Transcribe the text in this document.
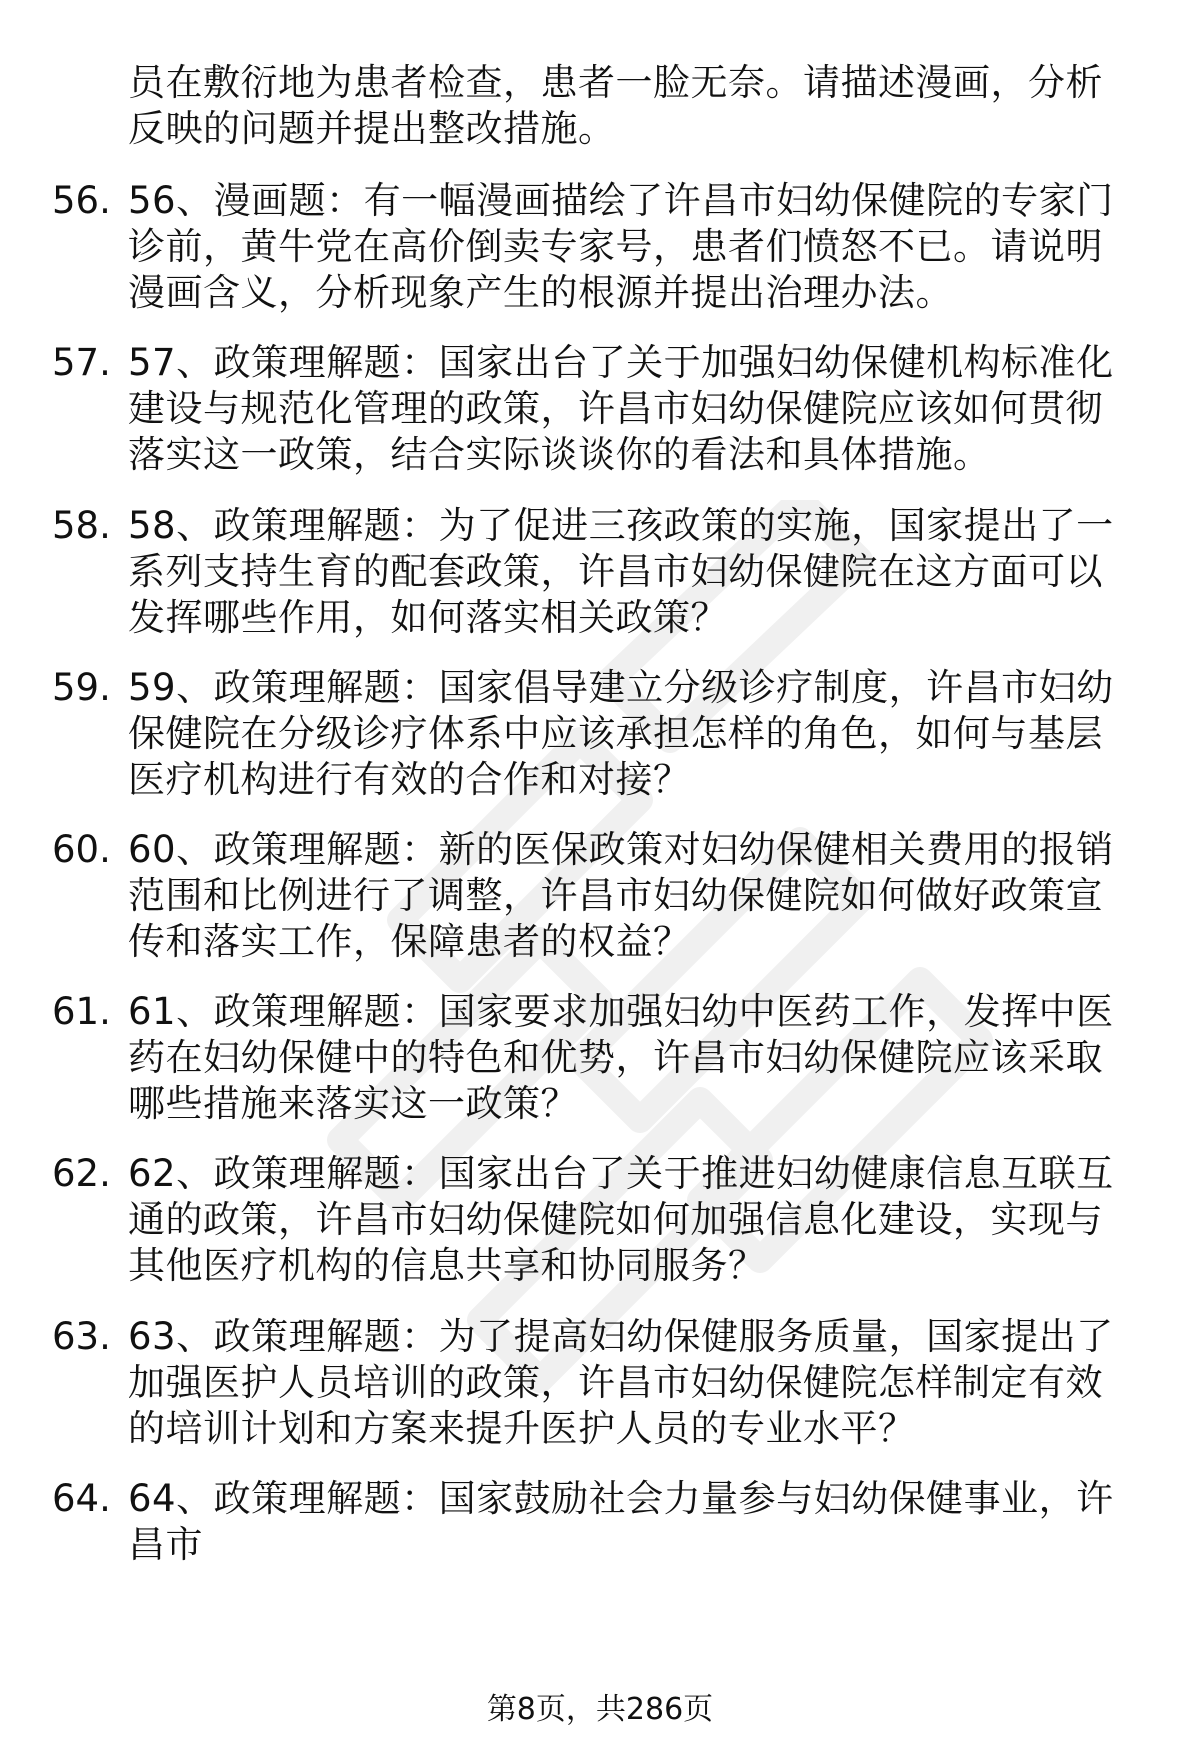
员在敷衍地为患者检查，患者一脸无奈。请描述漫画，分析反映的问题并提出整改措施。
56. 56、漫画题：有一幅漫画描绘了许昌市妇幼保健院的专家门诊前，黄牛党在高价倒卖专家号，患者们愤怒不已。请说明漫画含义，分析现象产生的根源并提出治理办法。
57. 57、政策理解题：国家出台了关于加强妇幼保健机构标准化建设与规范化管理的政策，许昌市妇幼保健院应该如何贯彻落实这一政策，结合实际谈谈你的看法和具体措施。
58. 58、政策理解题：为了促进三孩政策的实施，国家提出了一系列支持生育的配套政策，许昌市妇幼保健院在这方面可以发挥哪些作用，如何落实相关政策？
59. 59、政策理解题：国家倡导建立分级诊疗制度，许昌市妇幼保健院在分级诊疗体系中应该承担怎样的角色，如何与基层医疗机构进行有效的合作和对接？
60. 60、政策理解题：新的医保政策对妇幼保健相关费用的报销范围和比例进行了调整，许昌市妇幼保健院如何做好政策宣传和落实工作，保障患者的权益？
61. 61、政策理解题：国家要求加强妇幼中医药工作，发挥中医药在妇幼保健中的特色和优势，许昌市妇幼保健院应该采取哪些措施来落实这一政策？
62. 62、政策理解题：国家出台了关于推进妇幼健康信息互联互通的政策，许昌市妇幼保健院如何加强信息化建设，实现与其他医疗机构的信息共享和协同服务？
63. 63、政策理解题：为了提高妇幼保健服务质量，国家提出了加强医护人员培训的政策，许昌市妇幼保健院怎样制定有效的培训计划和方案来提升医护人员的专业水平？
64. 64、政策理解题：国家鼓励社会力量参与妇幼保健事业，许昌市
第8页，共286页
